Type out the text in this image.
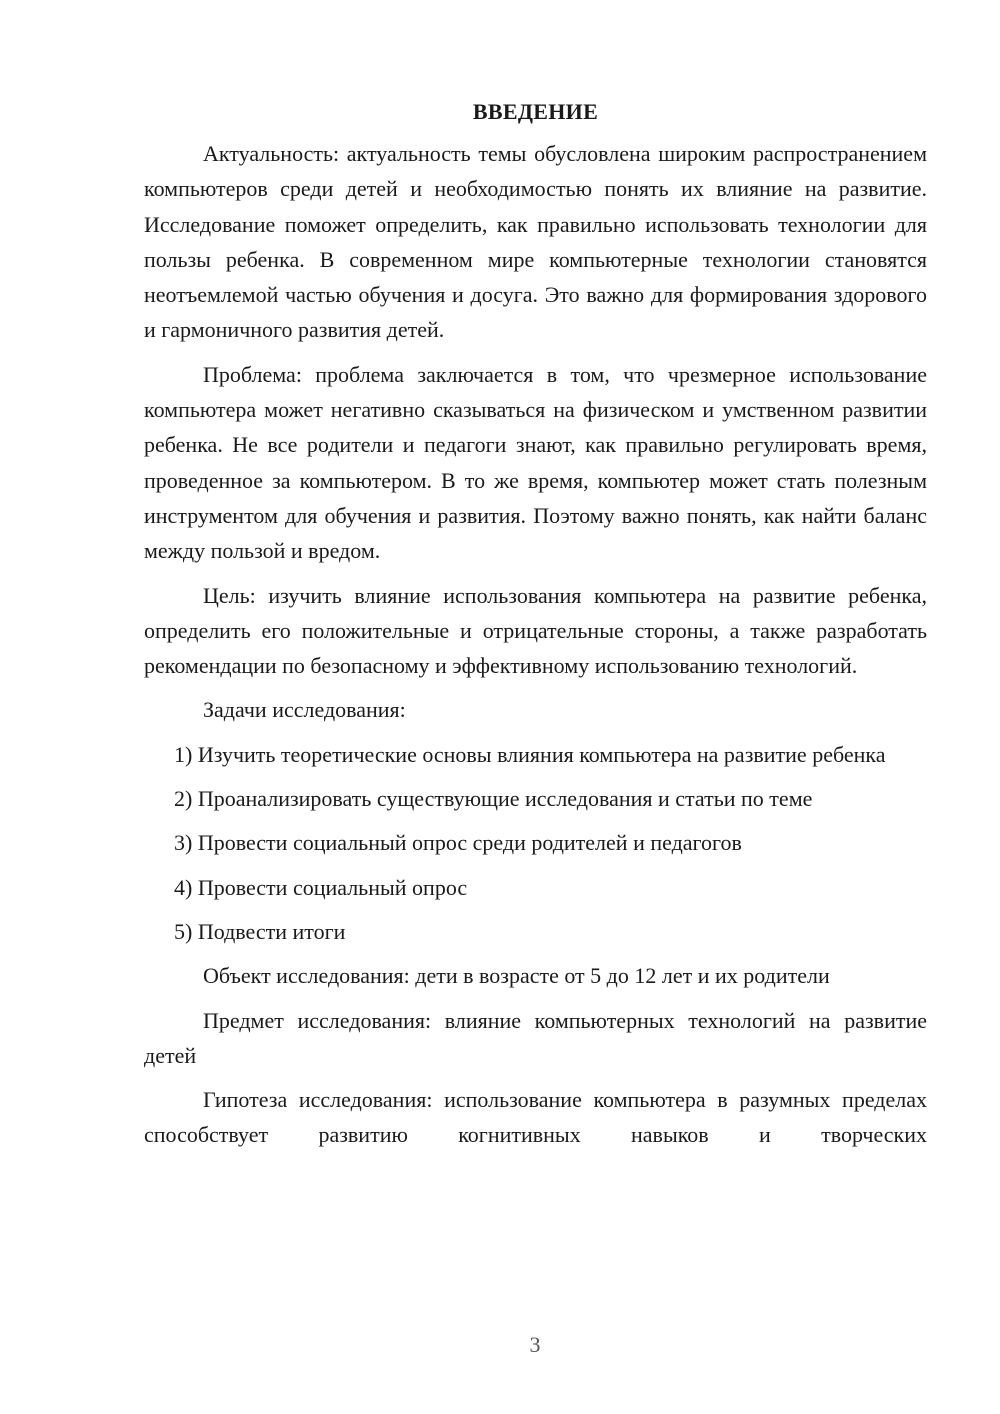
ВВЕДЕНИЕ

Актуальность: актуальность темы обусловлена широким распространением компьютеров среди детей и необходимостью понять их влияние на развитие. Исследование поможет определить, как правильно использовать технологии для пользы ребенка. В современном мире компьютерные технологии становятся неотъемлемой частью обучения и досуга. Это важно для формирования здорового и гармоничного развития детей.

Проблема: проблема заключается в том, что чрезмерное использование компьютера может негативно сказываться на физическом и умственном развитии ребенка. Не все родители и педагоги знают, как правильно регулировать время, проведенное за компьютером. В то же время, компьютер может стать полезным инструментом для обучения и развития. Поэтому важно понять, как найти баланс между пользой и вредом.

Цель: изучить влияние использования компьютера на развитие ребенка, определить его положительные и отрицательные стороны, а также разработать рекомендации по безопасному и эффективному использованию технологий.

Задачи исследования:

1) Изучить теоретические основы влияния компьютера на развитие ребенка

2) Проанализировать существующие исследования и статьи по теме

3) Провести социальный опрос среди родителей и педагогов

4) Провести социальный опрос

5) Подвести итоги

Объект исследования: дети в возрасте от 5 до 12 лет и их родители

Предмет исследования: влияние компьютерных технологий на развитие детей

Гипотеза исследования: использование компьютера в разумных пределах способствует развитию когнитивных навыков и творческих

3
